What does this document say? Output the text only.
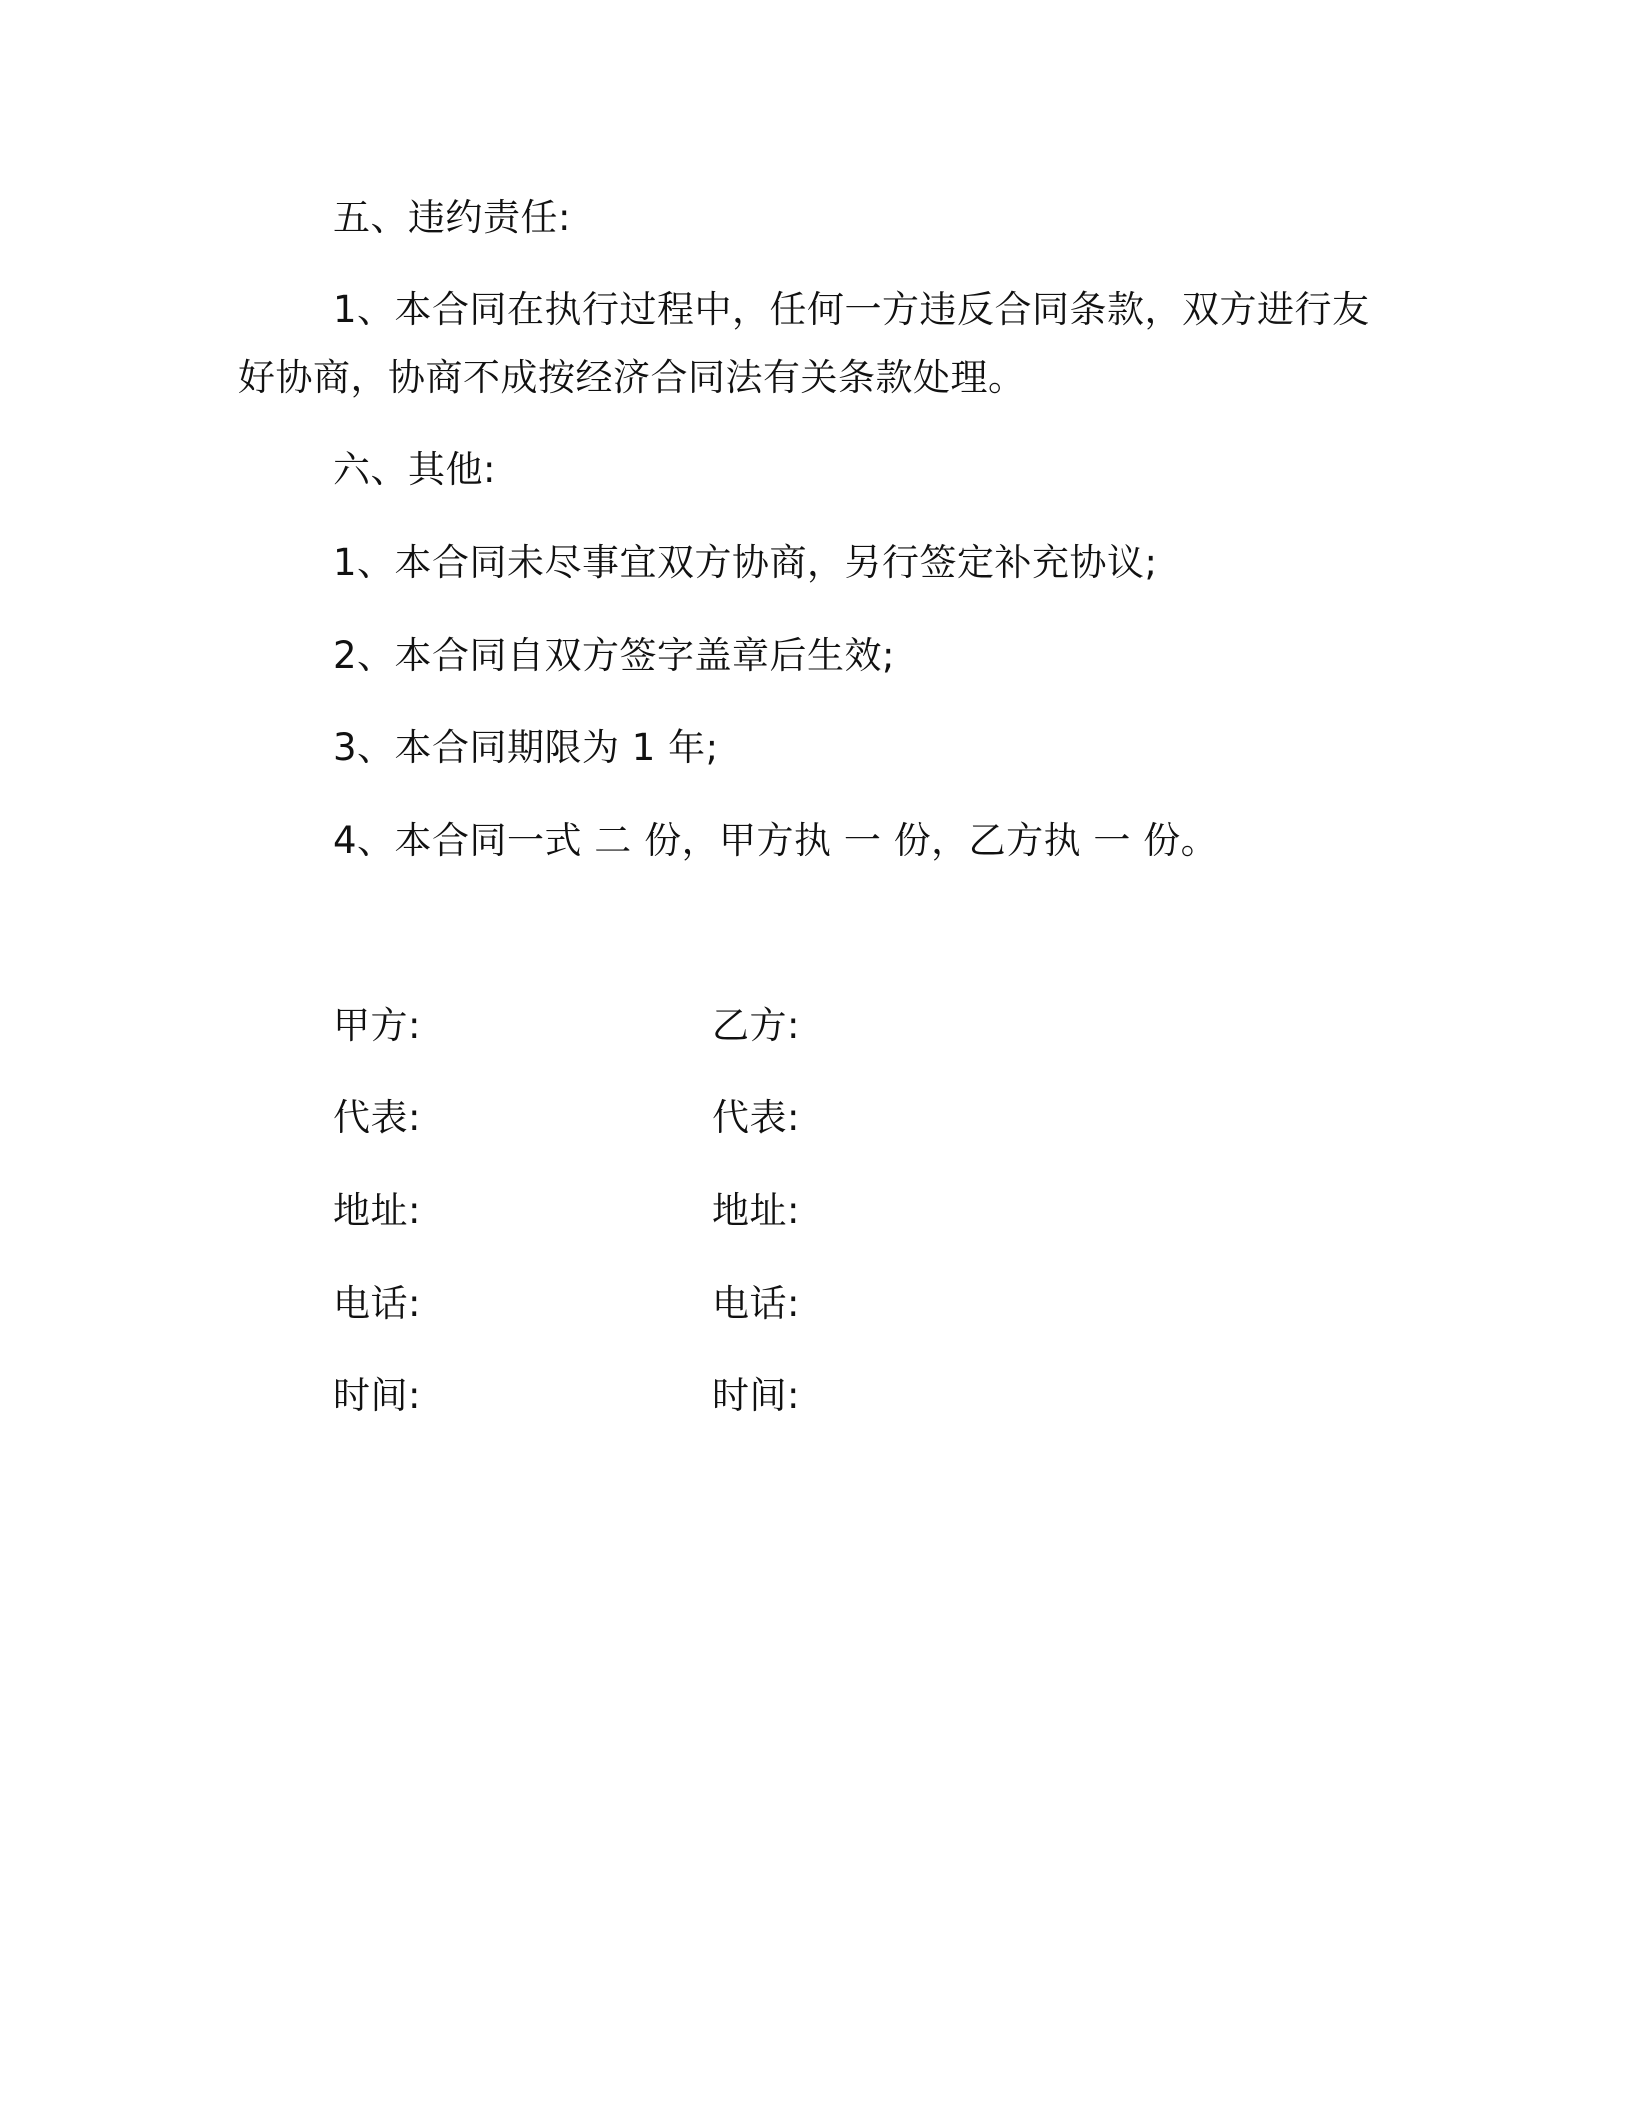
五、违约责任:
1、本合同在执行过程中，任何一方违反合同条款，双方进行友
好协商，协商不成按经济合同法有关条款处理。
六、其他:
1、本合同未尽事宜双方协商，另行签定补充协议;
2、本合同自双方签字盖章后生效;
3、本合同期限为 1 年;
4、本合同一式 二 份，甲方执 一 份，乙方执 一 份。
甲方:	乙方:
代表:	代表:
地址:	地址:
电话:	电话:
时间:	时间:
